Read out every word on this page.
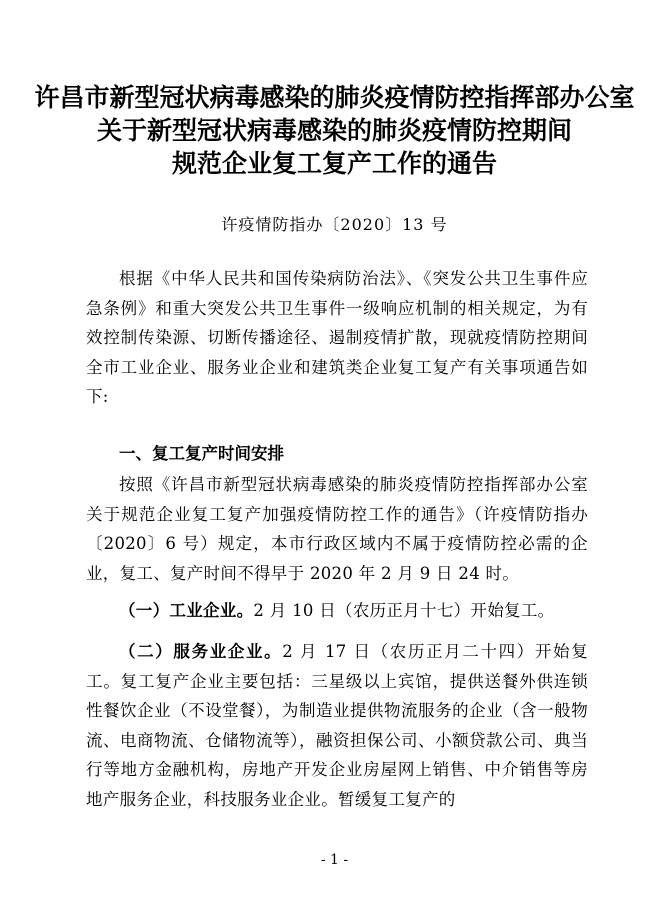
许昌市新型冠状病毒感染的肺炎疫情防控指挥部办公室
关于新型冠状病毒感染的肺炎疫情防控期间
规范企业复工复产工作的通告
许疫情防指办〔2020〕13 号
根据《中华人民共和国传染病防治法》、《突发公共卫生事件应急条例》和重大突发公共卫生事件一级响应机制的相关规定，为有效控制传染源、切断传播途径、遏制疫情扩散，现就疫情防控期间全市工业企业、服务业企业和建筑类企业复工复产有关事项通告如下:
一、复工复产时间安排
按照《许昌市新型冠状病毒感染的肺炎疫情防控指挥部办公室关于规范企业复工复产加强疫情防控工作的通告》（许疫情防指办〔2020〕6 号）规定，本市行政区域内不属于疫情防控必需的企业，复工、复产时间不得早于 2020 年 2 月 9 日 24 时。
（一）工业企业。2 月 10 日（农历正月十七）开始复工。
（二）服务业企业。2 月 17 日（农历正月二十四）开始复工。复工复产企业主要包括：三星级以上宾馆，提供送餐外供连锁性餐饮企业（不设堂餐），为制造业提供物流服务的企业（含一般物流、电商物流、仓储物流等），融资担保公司、小额贷款公司、典当行等地方金融机构，房地产开发企业房屋网上销售、中介销售等房地产服务企业，科技服务业企业。暂缓复工复产的
- 1 -
